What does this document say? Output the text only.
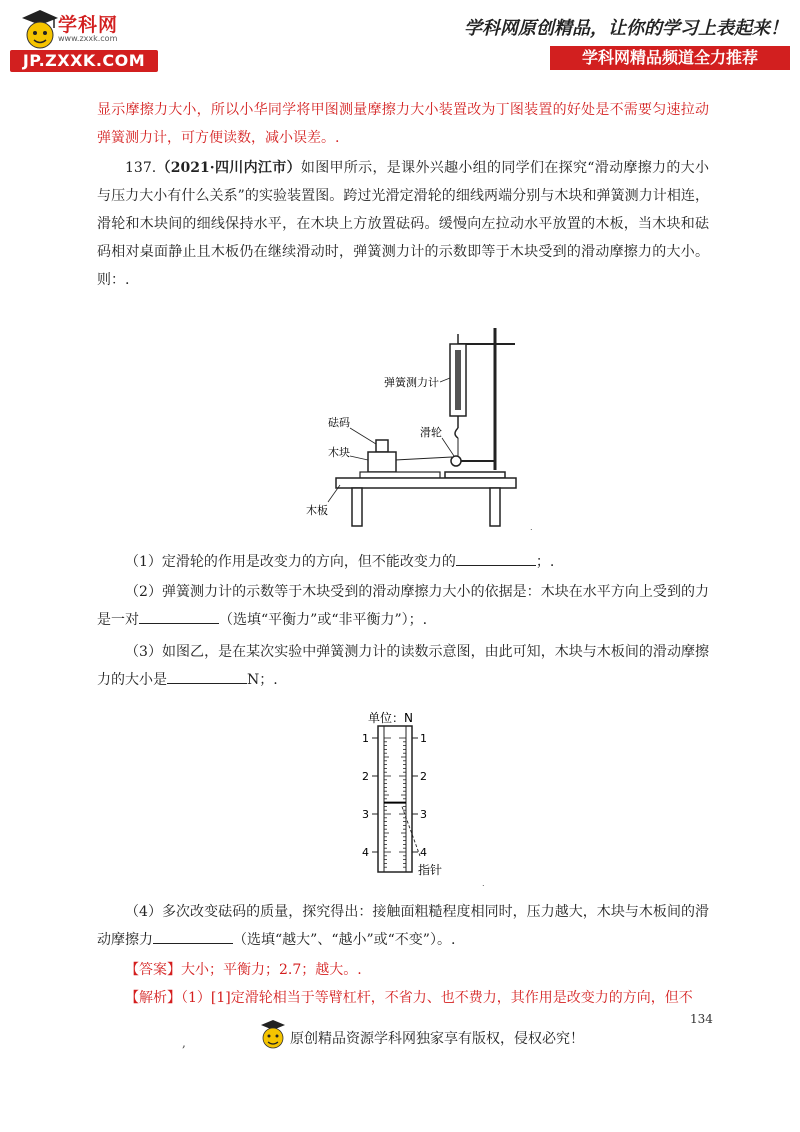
学科网
www.zxxk.com
JP.ZXXK.COM
学科网原创精品，让你的学习上表起来！
学科网精品频道全力推荐

显示摩擦力大小，所以小华同学将甲图测量摩擦力大小装置改为丁图装置的好处是不需要匀速拉动弹簧测力计，可方便读数，减小误差。.

137.（2021·四川内江市）如图甲所示，是课外兴趣小组的同学们在探究“滑动摩擦力的大小与压力大小有什么关系”的实验装置图。跨过光滑定滑轮的细线两端分别与木块和弹簧测力计相连，滑轮和木块间的细线保持水平，在木块上方放置砝码。缓慢向左拉动水平放置的木板，当木块和砝码相对桌面静止且木板仍在继续滑动时，弹簧测力计的示数即等于木块受到的滑动摩擦力的大小。则：.

弹簧测力计
砝码
滑轮
木块
木板
.

（1）定滑轮的作用是改变力的方向，但不能改变力的	；.

（2）弹簧测力计的示数等于木块受到的滑动摩擦力大小的依据是：木块在水平方向上受到的力是一对	（选填“平衡力”或“非平衡力”）；.

（3）如图乙，是在某次实验中弹簧测力计的读数示意图，由此可知，木块与木板间的滑动摩擦力的大小是	N；.

单位：N
1	1
2	2
3	3
4	4
指针
.

（4）多次改变砝码的质量，探究得出：接触面粗糙程度相同时，压力越大，木块与木板间的滑动摩擦力	（选填“越大”、“越小”或“不变”）。.

【答案】大小；平衡力；2.7；越大。.

【解析】（1）[1]定滑轮相当于等臂杠杆，不省力、也不费力，其作用是改变力的方向，但不

134
,	原创精品资源学科网独家享有版权，侵权必究！
